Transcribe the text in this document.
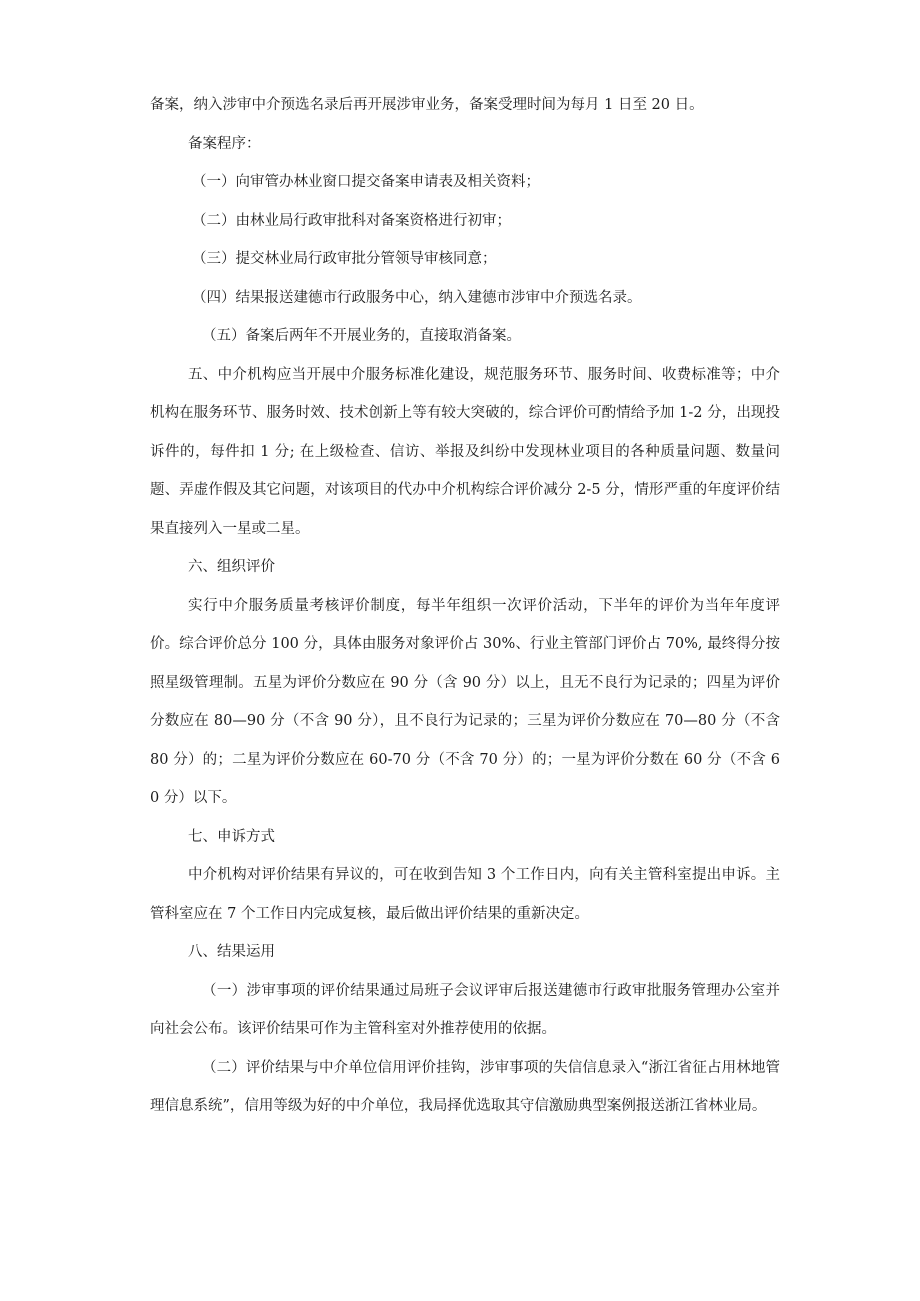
备案，纳入涉审中介预选名录后再开展涉审业务，备案受理时间为每月 1 日至 20 日。

备案程序：

（一）向审管办林业窗口提交备案申请表及相关资料；

（二）由林业局行政审批科对备案资格进行初审；

（三）提交林业局行政审批分管领导审核同意；

（四）结果报送建德市行政服务中心，纳入建德市涉审中介预选名录。

（五）备案后两年不开展业务的，直接取消备案。

五、中介机构应当开展中介服务标准化建设，规范服务环节、服务时间、收费标准等；中介机构在服务环节、服务时效、技术创新上等有较大突破的，综合评价可酌情给予加 1-2 分，出现投诉件的，每件扣 1 分; 在上级检查、信访、举报及纠纷中发现林业项目的各种质量问题、数量问题、弄虚作假及其它问题，对该项目的代办中介机构综合评价减分 2-5 分，情形严重的年度评价结果直接列入一星或二星。

六、组织评价

实行中介服务质量考核评价制度，每半年组织一次评价活动，下半年的评价为当年年度评价。综合评价总分 100 分，具体由服务对象评价占 30%、行业主管部门评价占 70%, 最终得分按照星级管理制。五星为评价分数应在 90 分（含 90 分）以上，且无不良行为记录的；四星为评价分数应在 80—90 分（不含 90 分），且不良行为记录的；三星为评价分数应在 70—80 分（不含 80 分）的；二星为评价分数应在 60-70 分（不含 70 分）的；一星为评价分数在 60 分（不含 60 分）以下。

七、申诉方式

中介机构对评价结果有异议的，可在收到告知 3 个工作日内，向有关主管科室提出申诉。主管科室应在 7 个工作日内完成复核，最后做出评价结果的重新决定。

八、结果运用

（一）涉审事项的评价结果通过局班子会议评审后报送建德市行政审批服务管理办公室并向社会公布。该评价结果可作为主管科室对外推荐使用的依据。

（二）评价结果与中介单位信用评价挂钩，涉审事项的失信信息录入“浙江省征占用林地管理信息系统”，信用等级为好的中介单位，我局择优选取其守信激励典型案例报送浙江省林业局。
